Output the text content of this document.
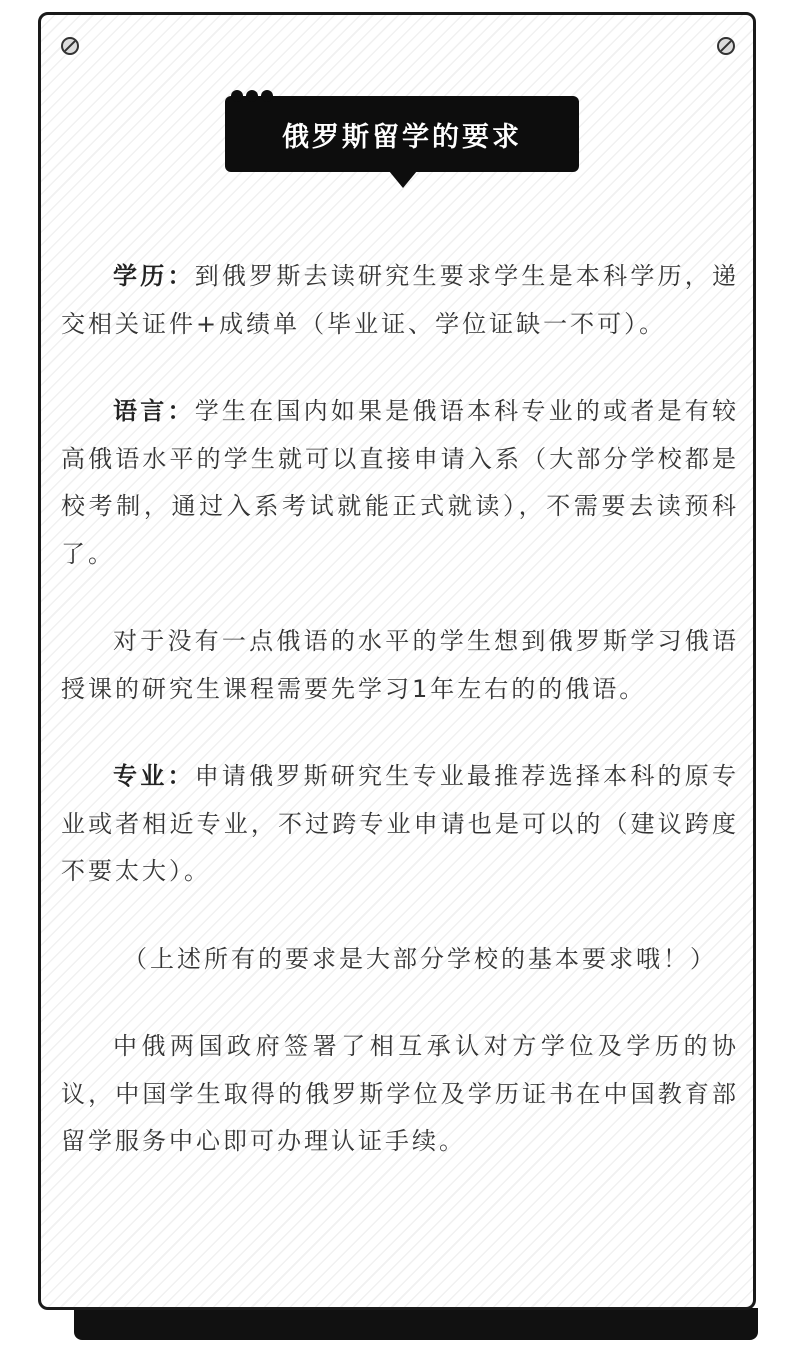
俄罗斯留学的要求

学历：到俄罗斯去读研究生要求学生是本科学历，递交相关证件+成绩单（毕业证、学位证缺一不可）。

语言：学生在国内如果是俄语本科专业的或者是有较高俄语水平的学生就可以直接申请入系（大部分学校都是校考制，通过入系考试就能正式就读），不需要去读预科了。

对于没有一点俄语的水平的学生想到俄罗斯学习俄语授课的研究生课程需要先学习1年左右的的俄语。

专业：申请俄罗斯研究生专业最推荐选择本科的原专业或者相近专业，不过跨专业申请也是可以的（建议跨度不要太大）。

（上述所有的要求是大部分学校的基本要求哦！）

中俄两国政府签署了相互承认对方学位及学历的协议，中国学生取得的俄罗斯学位及学历证书在中国教育部留学服务中心即可办理认证手续。
